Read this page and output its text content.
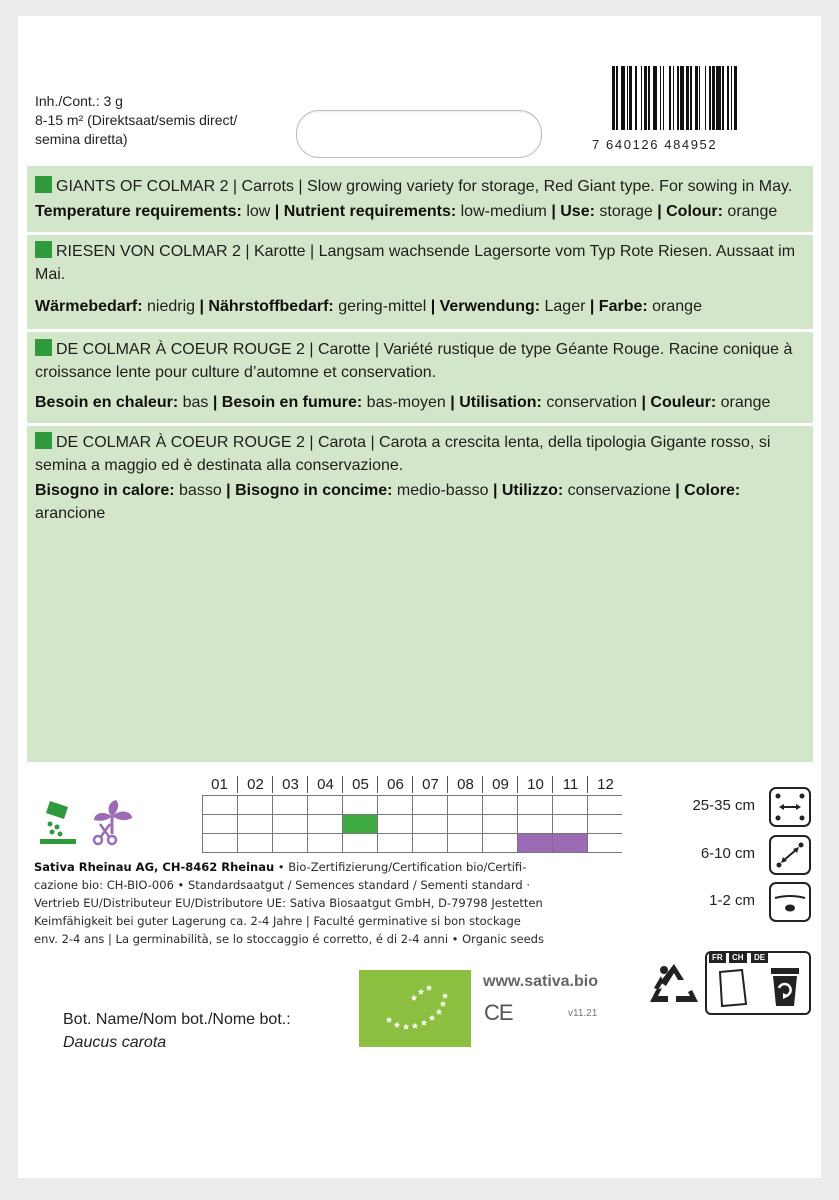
Inh./Cont.: 3 g
8-15 m² (Direktsaat/semis direct/
semina diretta)	7 640126 484952

GIANTS OF COLMAR 2 | Carrots | Slow growing variety for storage, Red Giant type. For sowing in May.

Temperature requirements: low | Nutrient requirements: low-medium | Use: storage | Colour: orange

RIESEN VON COLMAR 2 | Karotte | Langsam wachsende Lagersorte vom Typ Rote Riesen. Aussaat im Mai.

Wärmebedarf: niedrig | Nährstoffbedarf: gering-mittel | Verwendung: Lager | Farbe: orange

DE COLMAR À COEUR ROUGE 2 | Carotte | Variété rustique de type Géante Rouge. Racine conique à croissance lente pour culture d’automne et conservation.

Besoin en chaleur: bas | Besoin en fumure: bas-moyen | Utilisation: conservation | Couleur: orange

DE COLMAR À COEUR ROUGE 2 | Carota | Carota a crescita lenta, della tipologia Gigante rosso, si semina a maggio ed è destinata alla conservazione.

Bisogno in calore: basso | Bisogno in concime: medio-basso | Utilizzo: conservazione | Colore: arancione

01	02	03	04	05	06	07	08	09	10	11	12
25-35 cm
6-10 cm
1-2 cm

Sativa Rheinau AG, CH-8462 Rheinau • Bio-Zertifizierung/Certification bio/Certifi-

cazione bio: CH-BIO-006 • Standardsaatgut / Semences standard / Sementi standard ·

Vertrieb EU/Distributeur EU/Distributore UE: Sativa Biosaatgut GmbH, D-79798 Jestetten

Keimfähigkeit bei guter Lagerung ca. 2-4 Jahre | Faculté germinative si bon stockage

env. 2-4 ans | La germinabilità, se lo stoccaggio é corretto, é di 2-4 anni • Organic seeds

www.sativa.bio
CE	v11.21
Bot. Name/Nom bot./Nome bot.:
Daucus carota
FR	CH	DE
